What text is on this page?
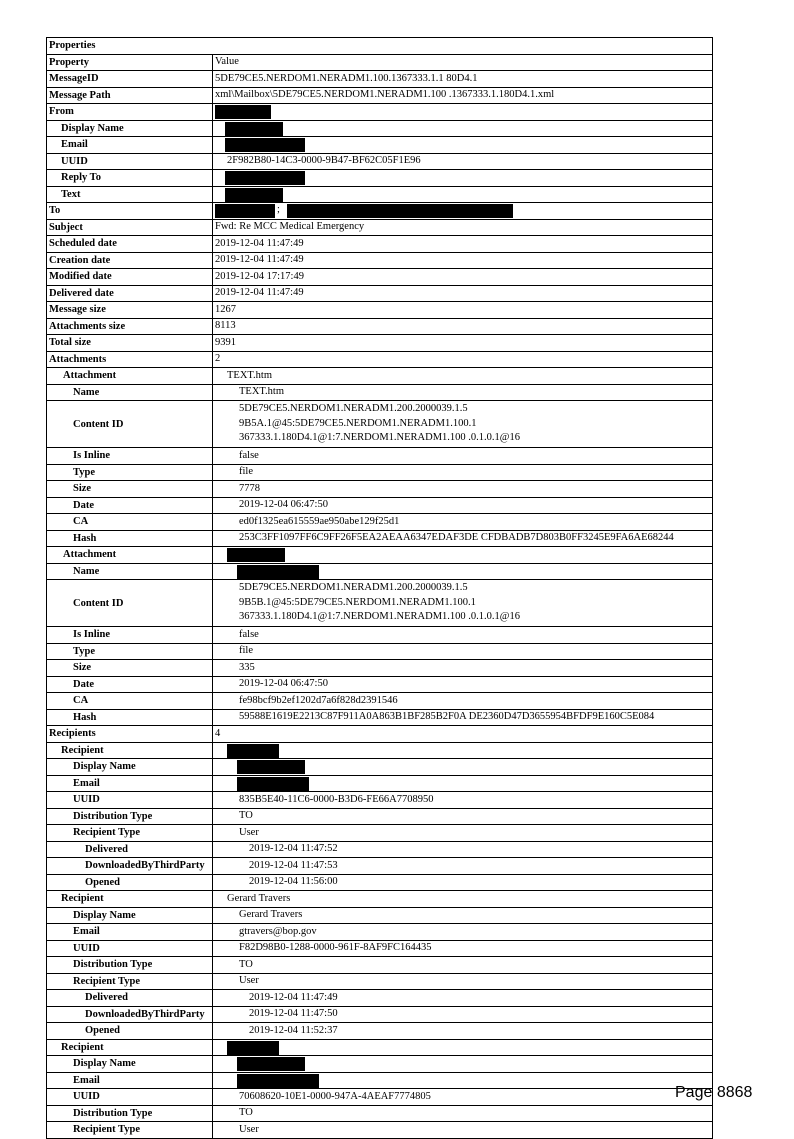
Properties
Property	Value
MessageID	5DE79CE5.NERDOM1.NERADM1.100.1367333.1.1 80D4.1
Message Path	xml\Mailbox\5DE79CE5.NERDOM1.NERADM1.100 .1367333.1.180D4.1.xml
From
Display Name
Email
UUID	2F982B80-14C3-0000-9B47-BF62C05F1E96
Reply To
Text
To	;
Subject	Fwd: Re MCC Medical Emergency
Scheduled date	2019-12-04 11:47:49
Creation date	2019-12-04 11:47:49
Modified date	2019-12-04 17:17:49
Delivered date	2019-12-04 11:47:49
Message size	1267
Attachments size	8113
Total size	9391
Attachments	2
Attachment	TEXT.htm
Name	TEXT.htm
Content ID
5DE79CE5.NERDOM1.NERADM1.200.2000039.1.5
9B5A.1@45:5DE79CE5.NERDOM1.NERADM1.100.1
367333.1.180D4.1@1:7.NERDOM1.NERADM1.100 .0.1.0.1@16
Is Inline	false
Type	file
Size	7778
Date	2019-12-04 06:47:50
CA	ed0f1325ea615559ae950abe129f25d1
Hash	253C3FF1097FF6C9FF26F5EA2AEAA6347EDAF3DE CFDBADB7D803B0FF3245E9FA6AE68244
Attachment
Name
Content ID
5DE79CE5.NERDOM1.NERADM1.200.2000039.1.5
9B5B.1@45:5DE79CE5.NERDOM1.NERADM1.100.1
367333.1.180D4.1@1:7.NERDOM1.NERADM1.100 .0.1.0.1@16
Is Inline	false
Type	file
Size	335
Date	2019-12-04 06:47:50
CA	fe98bcf9b2ef1202d7a6f828d2391546
Hash	59588E1619E2213C87F911A0A863B1BF285B2F0A DE2360D47D3655954BFDF9E160C5E084
Recipients	4
Recipient
Display Name
Email
UUID	835B5E40-11C6-0000-B3D6-FE66A7708950
Distribution Type	TO
Recipient Type	User
Delivered	2019-12-04 11:47:52
DownloadedByThirdParty	2019-12-04 11:47:53
Opened	2019-12-04 11:56:00
Recipient	Gerard Travers
Display Name	Gerard Travers
Email	gtravers@bop.gov
UUID	F82D98B0-1288-0000-961F-8AF9FC164435
Distribution Type	TO
Recipient Type	User
Delivered	2019-12-04 11:47:49
DownloadedByThirdParty	2019-12-04 11:47:50
Opened	2019-12-04 11:52:37
Recipient
Display Name
Email
UUID	70608620-10E1-0000-947A-4AEAF7774805
Distribution Type	TO
Recipient Type	User
Page 8868
